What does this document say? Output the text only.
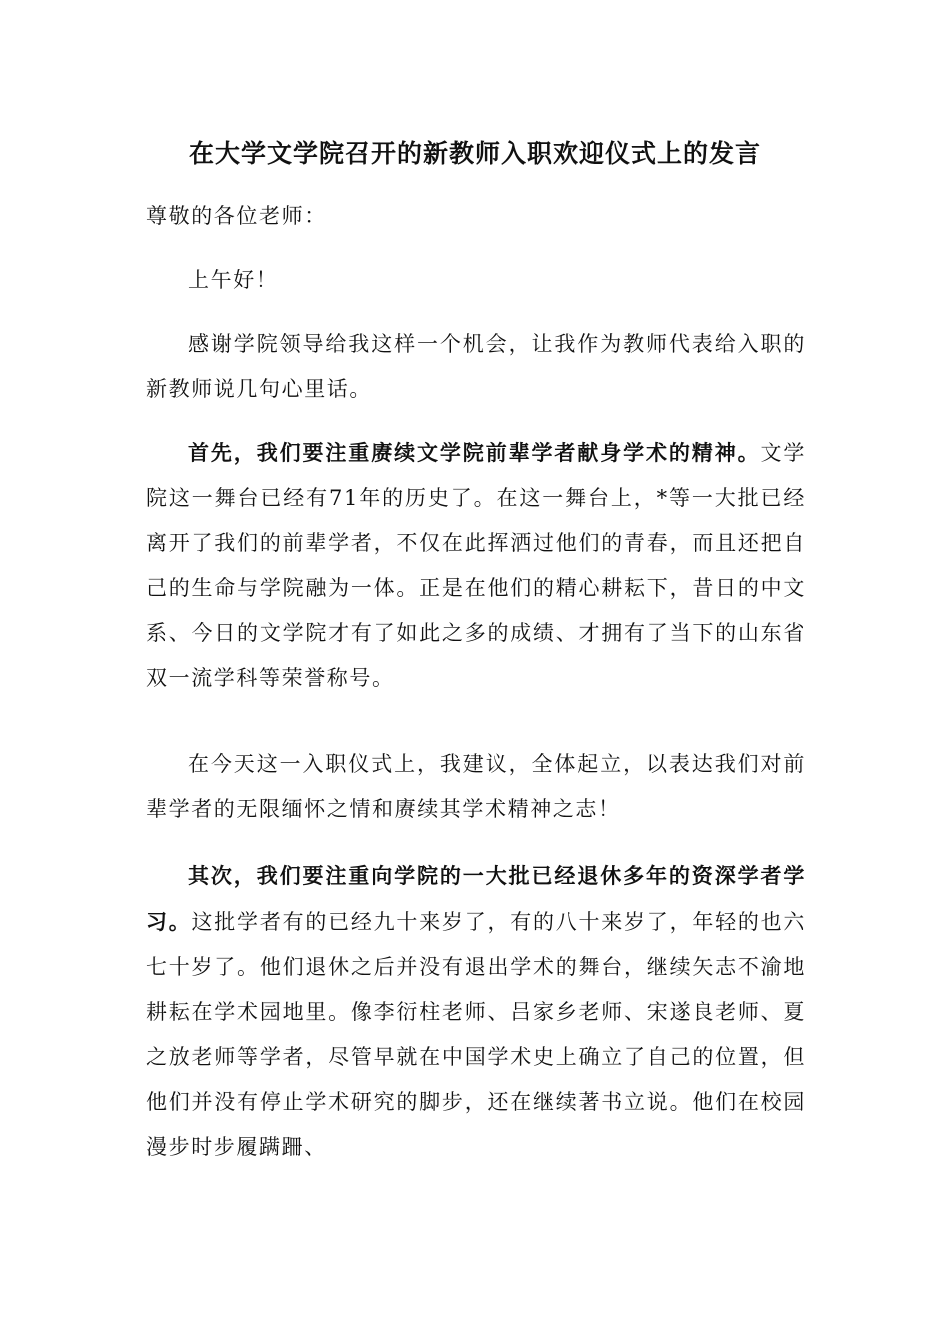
在大学文学院召开的新教师入职欢迎仪式上的发言

尊敬的各位老师：

上午好！

感谢学院领导给我这样一个机会，让我作为教师代表给入职的新教师说几句心里话。

首先，我们要注重赓续文学院前辈学者献身学术的精神。文学院这一舞台已经有71年的历史了。在这一舞台上，*等一大批已经离开了我们的前辈学者，不仅在此挥洒过他们的青春，而且还把自己的生命与学院融为一体。正是在他们的精心耕耘下，昔日的中文系、今日的文学院才有了如此之多的成绩、才拥有了当下的山东省双一流学科等荣誉称号。

在今天这一入职仪式上，我建议，全体起立，以表达我们对前辈学者的无限缅怀之情和赓续其学术精神之志！

其次，我们要注重向学院的一大批已经退休多年的资深学者学习。这批学者有的已经九十来岁了，有的八十来岁了，年轻的也六七十岁了。他们退休之后并没有退出学术的舞台，继续矢志不渝地耕耘在学术园地里。像李衍柱老师、吕家乡老师、宋遂良老师、夏之放老师等学者，尽管早就在中国学术史上确立了自己的位置，但他们并没有停止学术研究的脚步，还在继续著书立说。他们在校园漫步时步履蹒跚、
